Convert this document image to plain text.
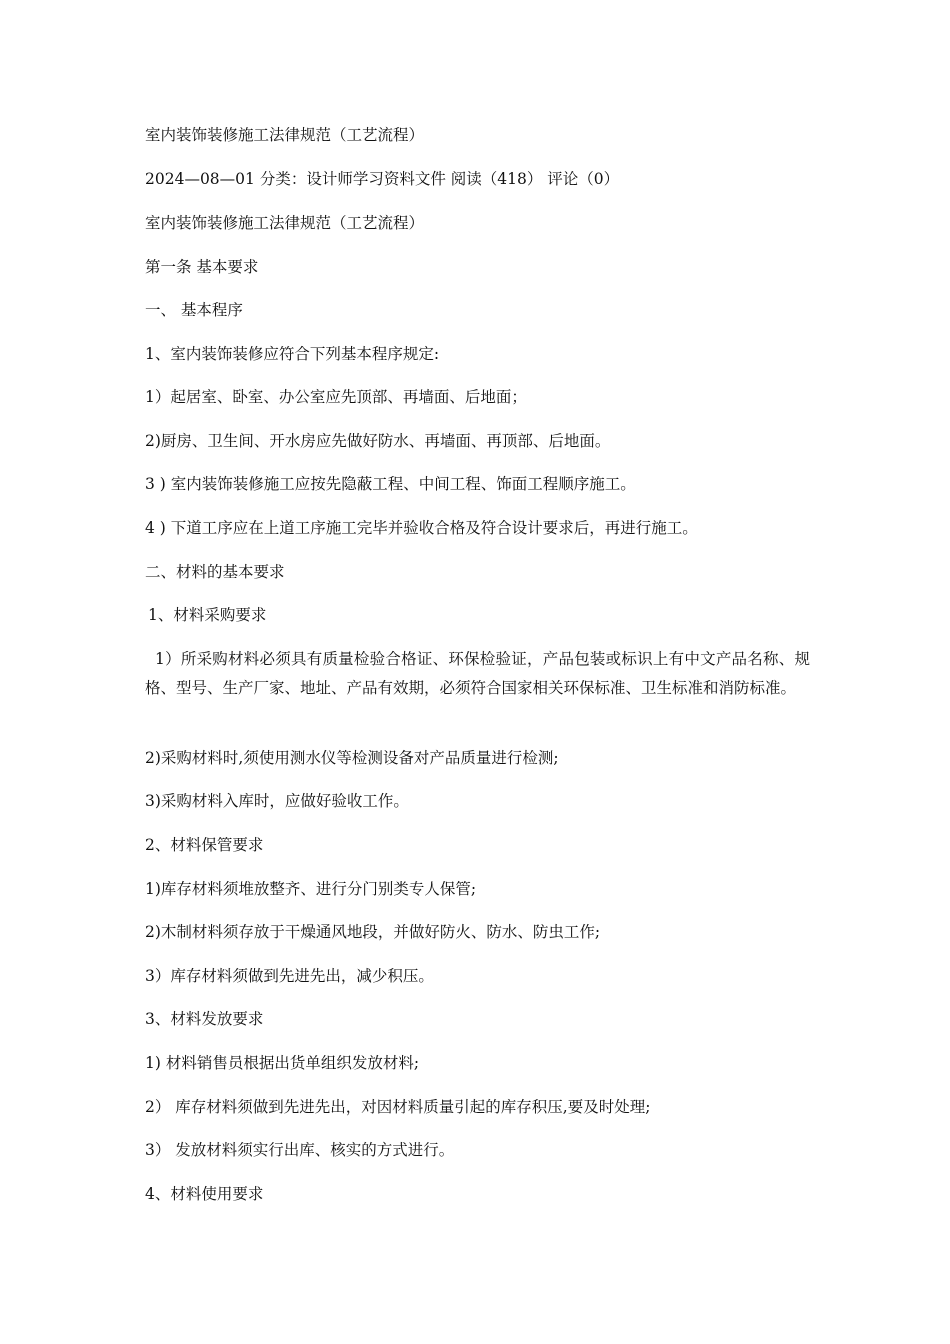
室内装饰装修施工法律规范（工艺流程）
2024—08—01 分类：设计师学习资料文件 阅读（418） 评论（0）
室内装饰装修施工法律规范（工艺流程）
第一条 基本要求
一、 基本程序
1、室内装饰装修应符合下列基本程序规定:
1）起居室、卧室、办公室应先顶部、再墙面、后地面；
2)厨房、卫生间、开水房应先做好防水、再墙面、再顶部、后地面。
3 ) 室内装饰装修施工应按先隐蔽工程、中间工程、饰面工程顺序施工。
4 ) 下道工序应在上道工序施工完毕并验收合格及符合设计要求后，再进行施工。
二、材料的基本要求
1、材料采购要求
1）所采购材料必须具有质量检验合格证、环保检验证，产品包装或标识上有中文产品名称、规格、型号、生产厂家、地址、产品有效期，必须符合国家相关环保标准、卫生标准和消防标准。
2)采购材料时,须使用测水仪等检测设备对产品质量进行检测;
3)采购材料入库时，应做好验收工作。
2、材料保管要求
1)库存材料须堆放整齐、进行分门别类专人保管;
2)木制材料须存放于干燥通风地段，并做好防火、防水、防虫工作;
3）库存材料须做到先进先出，减少积压。
3、材料发放要求
1) 材料销售员根据出货单组织发放材料;
2） 库存材料须做到先进先出，对因材料质量引起的库存积压,要及时处理;
3） 发放材料须实行出库、核实的方式进行。
4、材料使用要求
